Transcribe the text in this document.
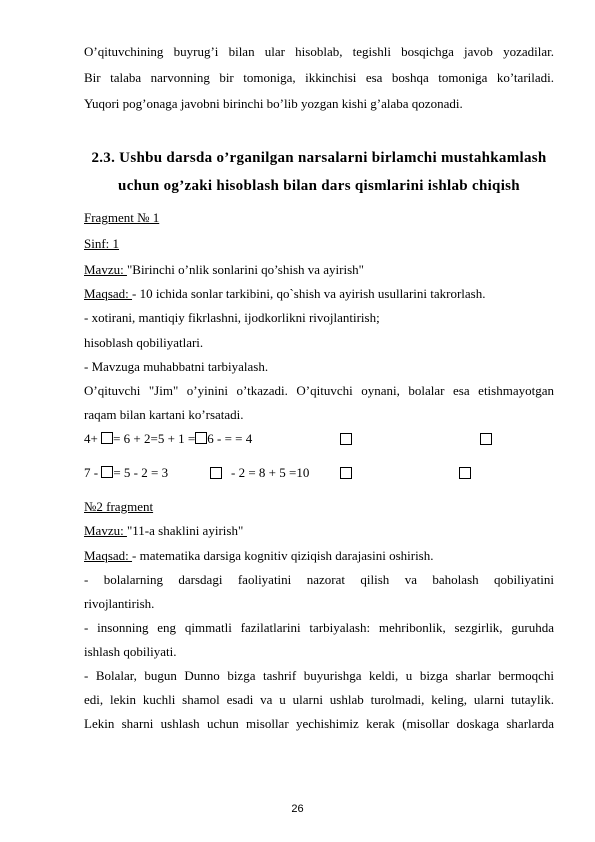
O’qituvchining buyrug’i bilan ular hisoblab, tegishli bosqichga javob yozadilar.
Bir talaba narvonning bir tomoniga, ikkinchisi esa boshqa tomoniga ko’tariladi.
Yuqori pog’onaga javobni birinchi bo’lib yozgan kishi g’alaba qozonadi.
2.3. Ushbu darsda o’rganilgan narsalarni birlamchi mustahkamlash
uchun og’zaki hisoblash bilan dars qismlarini ishlab chiqish
Fragment № 1
Sinf: 1
Mavzu: "Birinchi o’nlik sonlarini qo’shish va ayirish"
Maqsad: - 10 ichida sonlar tarkibini, qo`shish va ayirish usullarini takrorlash.
- xotirani, mantiqiy fikrlashni, ijodkorlikni rivojlantirish;
hisoblash qobiliyatlari.
- Mavzuga muhabbatni tarbiyalash.
O’qituvchi "Jim" o’yinini o’tkazadi. O’qituvchi oynani, bolalar esa etishmayotgan
raqam bilan kartani ko’rsatadi.
4+ = 6 + 2=5 + 1 = 6 - = = 4
7 - = 5 - 2 = 3	- 2 = 8 + 5 =10
№2 fragment
Mavzu: "11-a shaklini ayirish"
Maqsad: - matematika darsiga kognitiv qiziqish darajasini oshirish.
- bolalarning darsdagi faoliyatini nazorat qilish va baholash qobiliyatini
rivojlantirish.
- insonning eng qimmatli fazilatlarini tarbiyalash: mehribonlik, sezgirlik, guruhda
ishlash qobiliyati.
- Bolalar, bugun Dunno bizga tashrif buyurishga keldi, u bizga sharlar bermoqchi
edi, lekin kuchli shamol esadi va u ularni ushlab turolmadi, keling, ularni tutaylik.
Lekin sharni ushlash uchun misollar yechishimiz kerak (misollar doskaga sharlarda
26
